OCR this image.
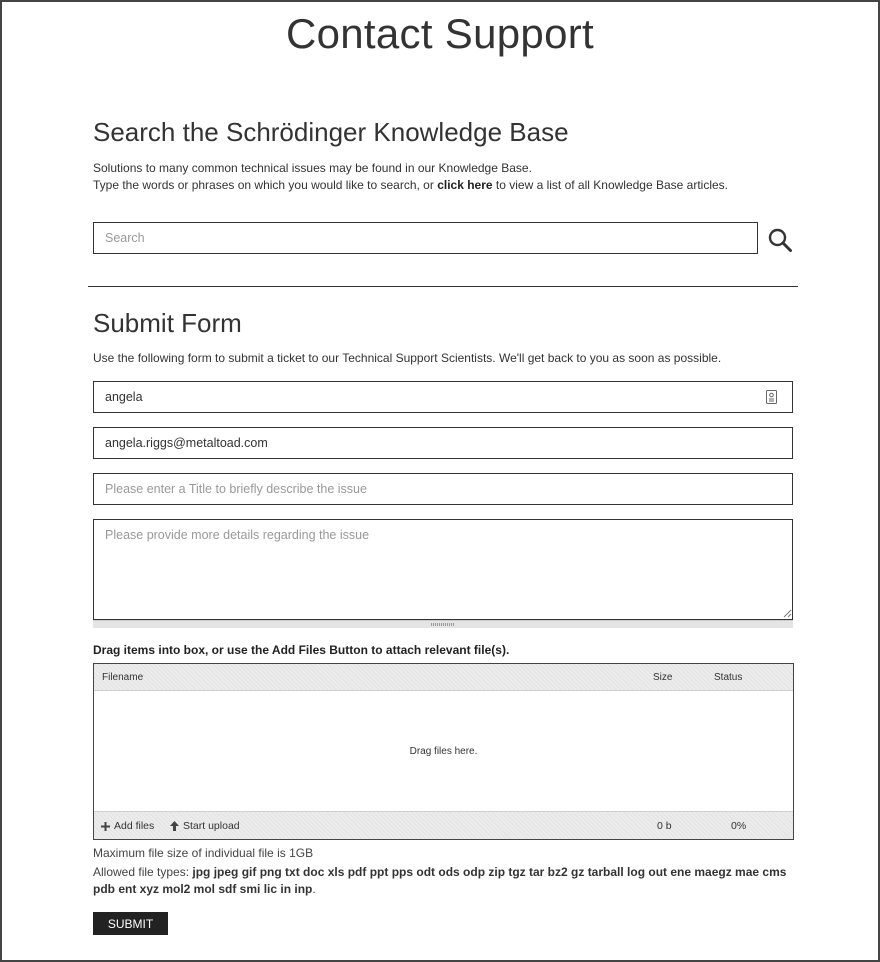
Contact Support
Search the Schrödinger Knowledge Base
Solutions to many common technical issues may be found in our Knowledge Base.
Type the words or phrases on which you would like to search, or click here to view a list of all Knowledge Base articles.
Search
Submit Form
Use the following form to submit a ticket to our Technical Support Scientists. We'll get back to you as soon as possible.
angela
angela.riggs@metaltoad.com
Please enter a Title to briefly describe the issue
Please provide more details regarding the issue
Drag items into box, or use the Add Files Button to attach relevant file(s).
Filename	Size	Status
Drag files here.
Add files	Start upload	0 b	0%
Maximum file size of individual file is 1GB
Allowed file types: jpg jpeg gif png txt doc xls pdf ppt pps odt ods odp zip tgz tar bz2 gz tarball log out ene maegz mae cms pdb ent xyz mol2 mol sdf smi lic in inp.
SUBMIT
